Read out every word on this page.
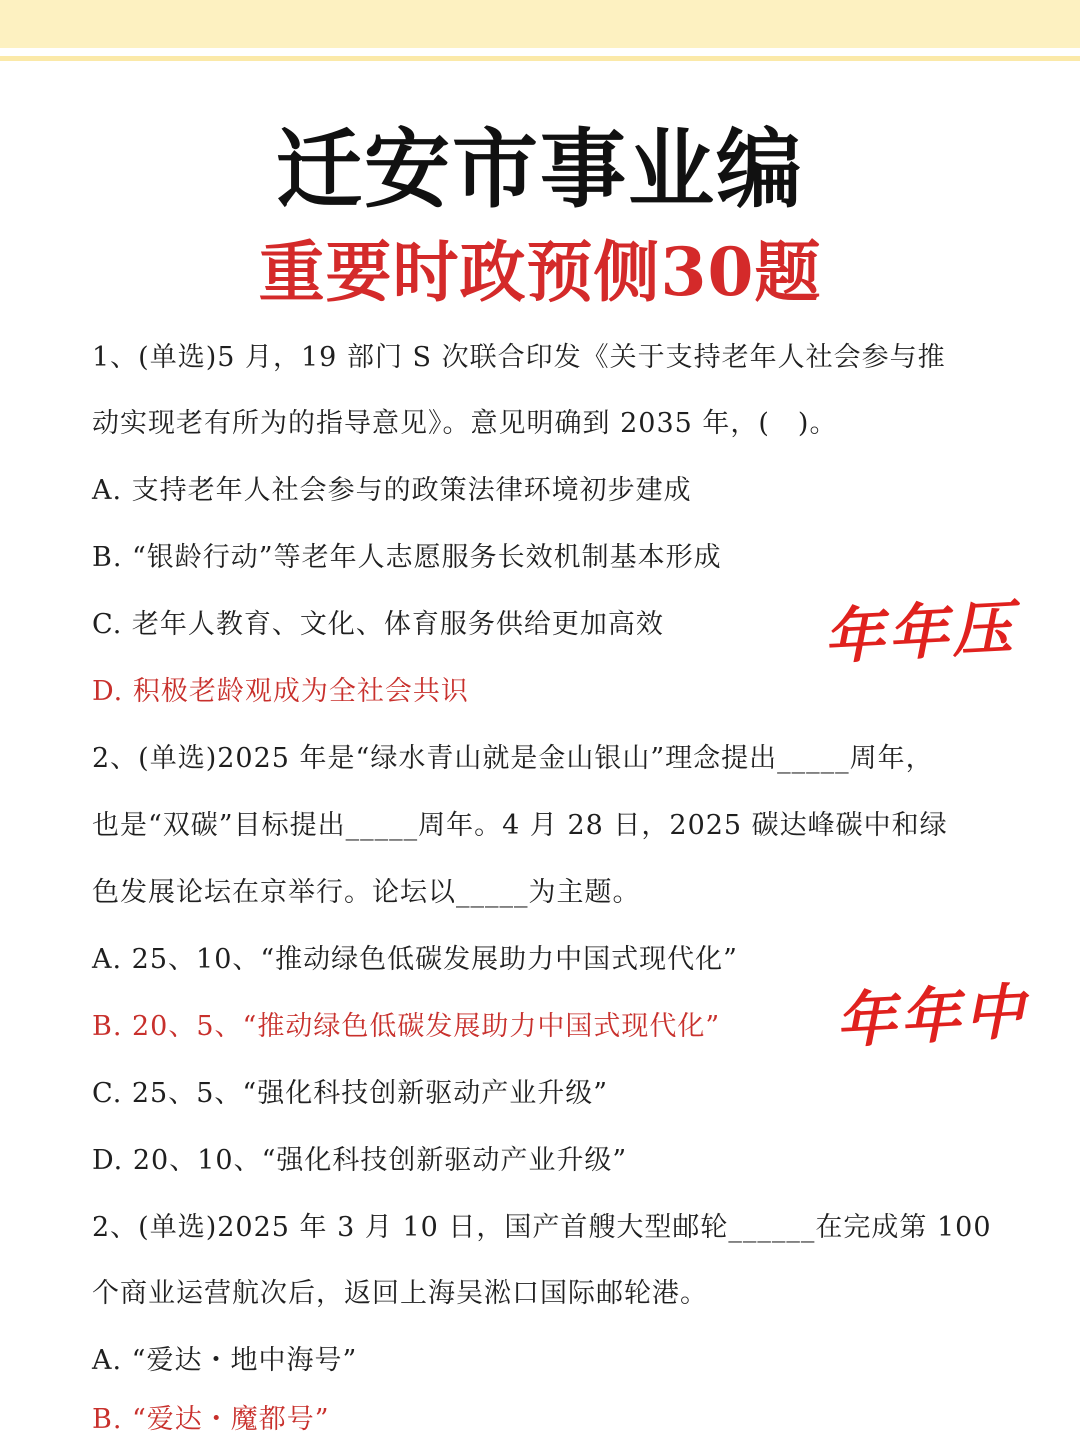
迁安市事业编
重要时政预侧30题
1、(单选)5 月，19 部门 S 次联合印发《关于支持老年人社会参与推
动实现老有所为的指导意见》。意见明确到 2035 年，(　)。
A. 支持老年人社会参与的政策法律环境初步建成
B. “银龄行动”等老年人志愿服务长效机制基本形成
C. 老年人教育、文化、体育服务供给更加高效
D. 积极老龄观成为全社会共识
年年压
2、(单选)2025 年是“绿水青山就是金山银山”理念提出_____周年，
也是“双碳”目标提出_____周年。4 月 28 日，2025 碳达峰碳中和绿
色发展论坛在京举行。论坛以_____为主题。
A. 25、10、“推动绿色低碳发展助力中国式现代化”
B. 20、5、“推动绿色低碳发展助力中国式现代化”
C. 25、5、“强化科技创新驱动产业升级”
D. 20、10、“强化科技创新驱动产业升级”
年年中
2、(单选)2025 年 3 月 10 日，国产首艘大型邮轮______在完成第 100
个商业运营航次后，返回上海吴淞口国际邮轮港。
A. “爱达・地中海号”
B. “爱达・魔都号”
